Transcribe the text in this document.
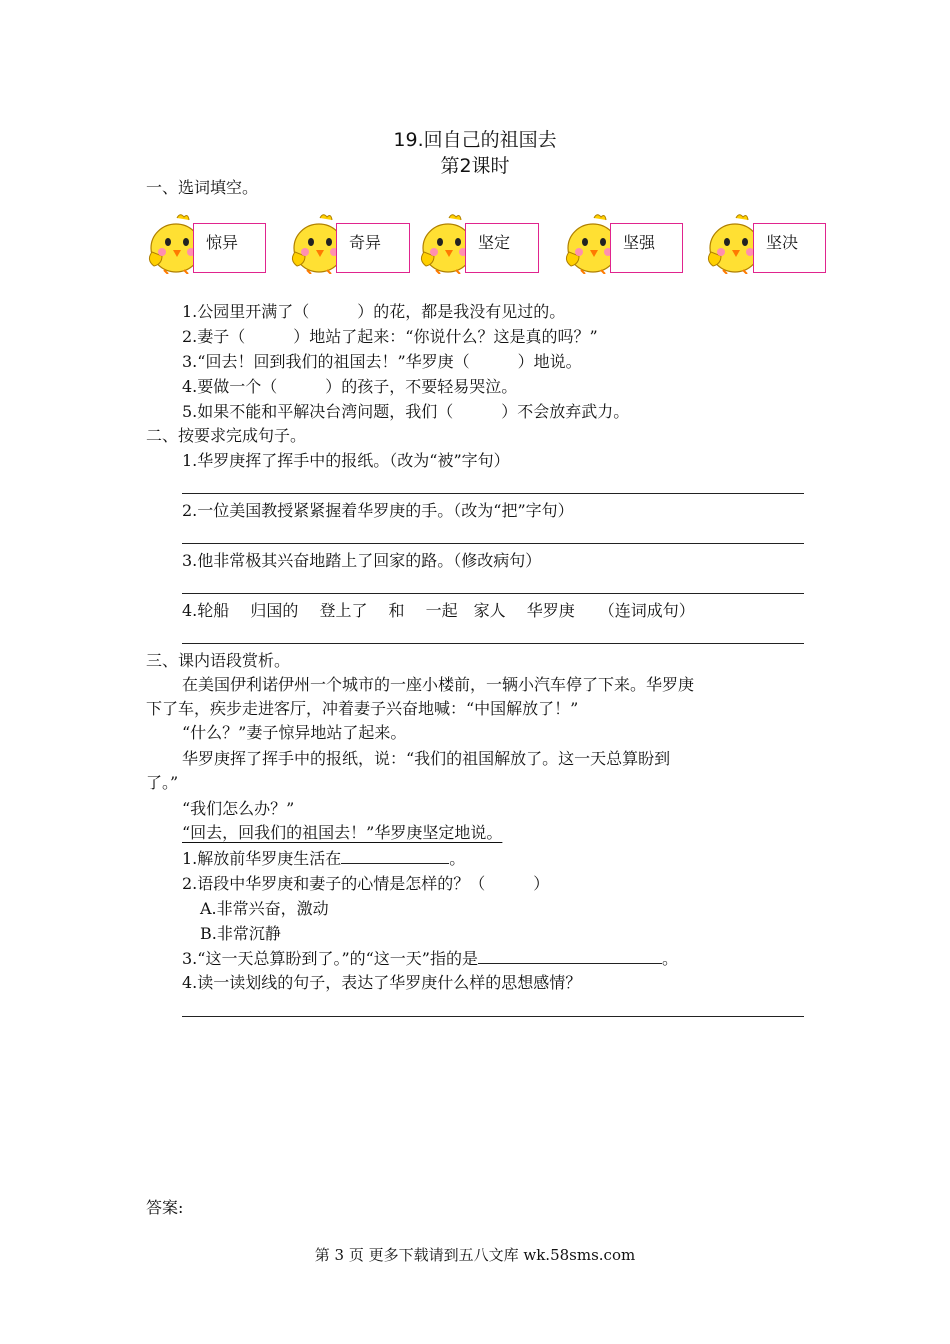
19.回自己的祖国去
第2课时
一、选词填空。
惊异	奇异	坚定	坚强	坚决
1.公园里开满了（　　　）的花，都是我没有见过的。
2.妻子（　　　）地站了起来：“你说什么？这是真的吗？”
3.“回去！回到我们的祖国去！”华罗庚（　　　）地说。
4.要做一个（　　　）的孩子，不要轻易哭泣。
5.如果不能和平解决台湾问题，我们（　　　）不会放弃武力。
二、按要求完成句子。
1.华罗庚挥了挥手中的报纸。（改为“被”字句）
2.一位美国教授紧紧握着华罗庚的手。（改为“把”字句）
3.他非常极其兴奋地踏上了回家的路。（修改病句）
4.轮船　 归国的　 登上了　 和　 一起　家人　 华罗庚　　（连词成句）
三、课内语段赏析。
在美国伊利诺伊州一个城市的一座小楼前，一辆小汽车停了下来。华罗庚
下了车，疾步走进客厅，冲着妻子兴奋地喊：“中国解放了！”
“什么？”妻子惊异地站了起来。
华罗庚挥了挥手中的报纸，说：“我们的祖国解放了。这一天总算盼到
了。”
“我们怎么办？”
“回去，回我们的祖国去！”华罗庚坚定地说。
1.解放前华罗庚生活在	。
2.语段中华罗庚和妻子的心情是怎样的？（　　　）
A.非常兴奋，激动
B.非常沉静
3.“这一天总算盼到了。”的“这一天”指的是	。
4.读一读划线的句子，表达了华罗庚什么样的思想感情？
答案:
第 3 页 更多下载请到五八文库 wk.58sms.com
